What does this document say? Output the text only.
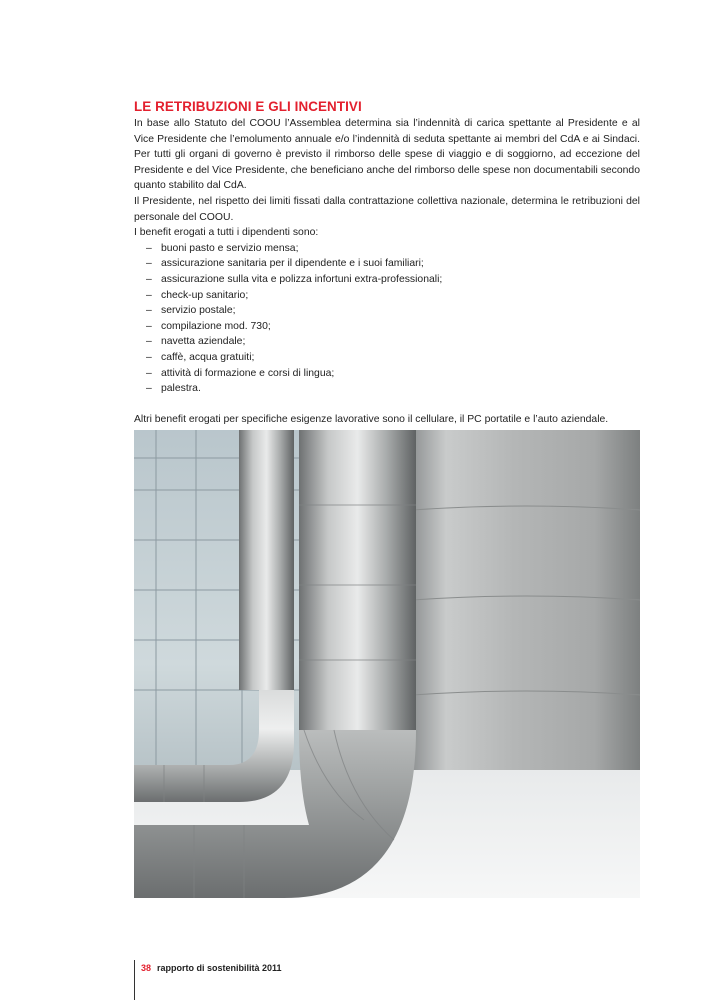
LE RETRIBUZIONI E GLI INCENTIVI

In base allo Statuto del COOU l’Assemblea determina sia l’indennità di carica spettante al Presidente e al Vice Presidente che l’emolumento annuale e/o l’indennità di seduta spettante ai membri del CdA e ai Sindaci. Per tutti gli organi di governo è previsto il rimborso delle spese di viaggio e di soggiorno, ad eccezione del Presidente e del Vice Presidente, che beneficiano anche del rimborso delle spese non documentabili secondo quanto stabilito dal CdA.

Il Presidente, nel rispetto dei limiti fissati dalla contrattazione collettiva nazionale, determina le retribuzioni del personale del COOU.

I benefit erogati a tutti i dipendenti sono:

– buoni pasto e servizio mensa;
– assicurazione sanitaria per il dipendente e i suoi familiari;
– assicurazione sulla vita e polizza infortuni extra-professionali;
– check-up sanitario;
– servizio postale;
– compilazione mod. 730;
– navetta aziendale;
– caffè, acqua gratuiti;
– attività di formazione e corsi di lingua;
– palestra.

Altri benefit erogati per specifiche esigenze lavorative sono il cellulare, il PC portatile e l’auto aziendale.

38 rapporto di sostenibilità 2011
